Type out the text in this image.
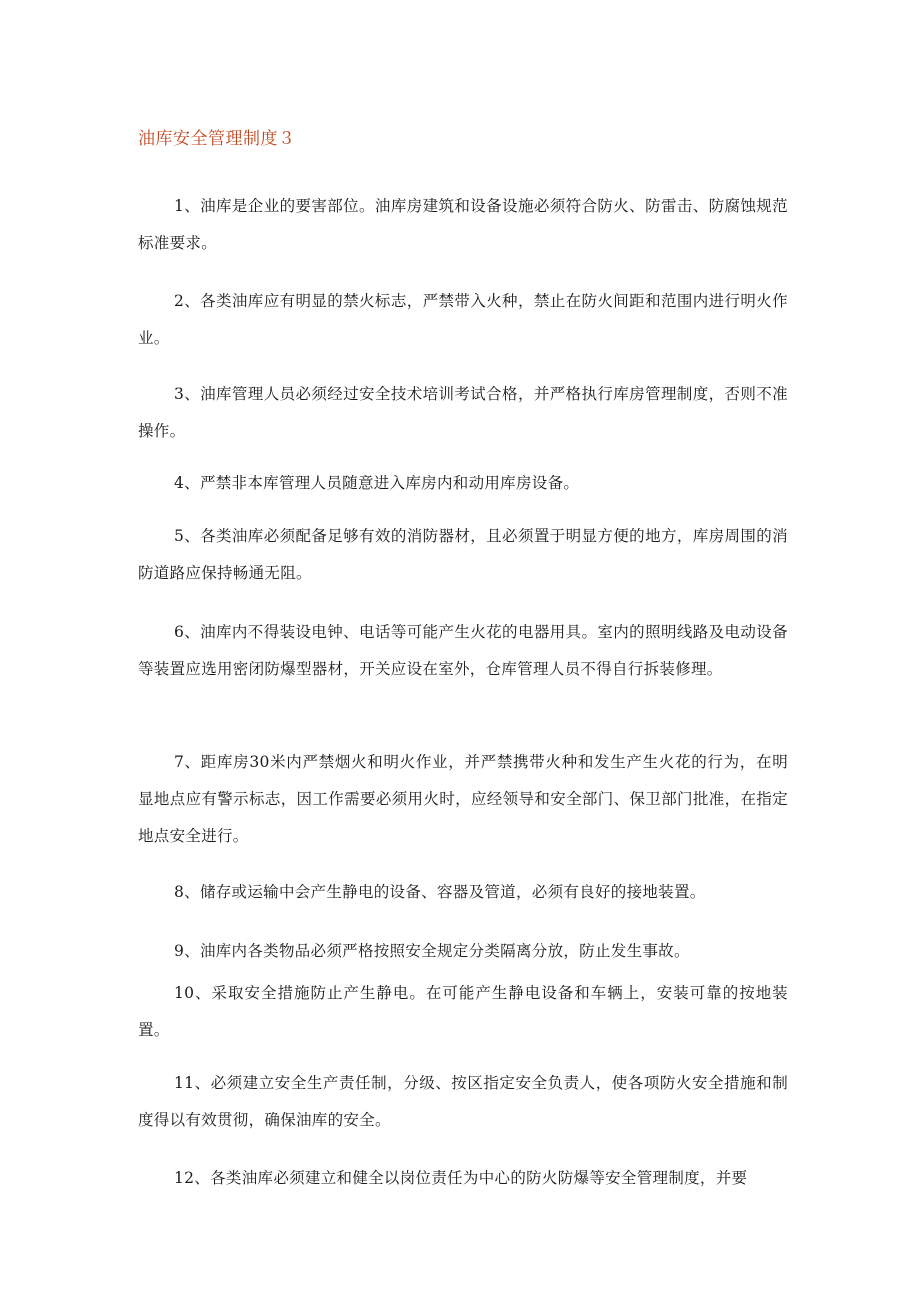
油库安全管理制度３

1、油库是企业的要害部位。油库房建筑和设备设施必须符合防火、防雷击、防腐蚀规范标准要求。

2、各类油库应有明显的禁火标志，严禁带入火种，禁止在防火间距和范围内进行明火作业。

3、油库管理人员必须经过安全技术培训考试合格，并严格执行库房管理制度，否则不准操作。

4、严禁非本库管理人员随意进入库房内和动用库房设备。

5、各类油库必须配备足够有效的消防器材，且必须置于明显方便的地方，库房周围的消防道路应保持畅通无阻。

6、油库内不得装设电钟、电话等可能产生火花的电器用具。室内的照明线路及电动设备等装置应选用密闭防爆型器材，开关应设在室外，仓库管理人员不得自行拆装修理。

7、距库房30米内严禁烟火和明火作业，并严禁携带火种和发生产生火花的行为，在明显地点应有警示标志，因工作需要必须用火时，应经领导和安全部门、保卫部门批准，在指定地点安全进行。

8、储存或运输中会产生静电的设备、容器及管道，必须有良好的接地装置。

9、油库内各类物品必须严格按照安全规定分类隔离分放，防止发生事故。

10、采取安全措施防止产生静电。在可能产生静电设备和车辆上，安装可靠的按地装置。

11、必须建立安全生产责任制，分级、按区指定安全负责人，使各项防火安全措施和制度得以有效贯彻，确保油库的安全。

12、各类油库必须建立和健全以岗位责任为中心的防火防爆等安全管理制度，并要
